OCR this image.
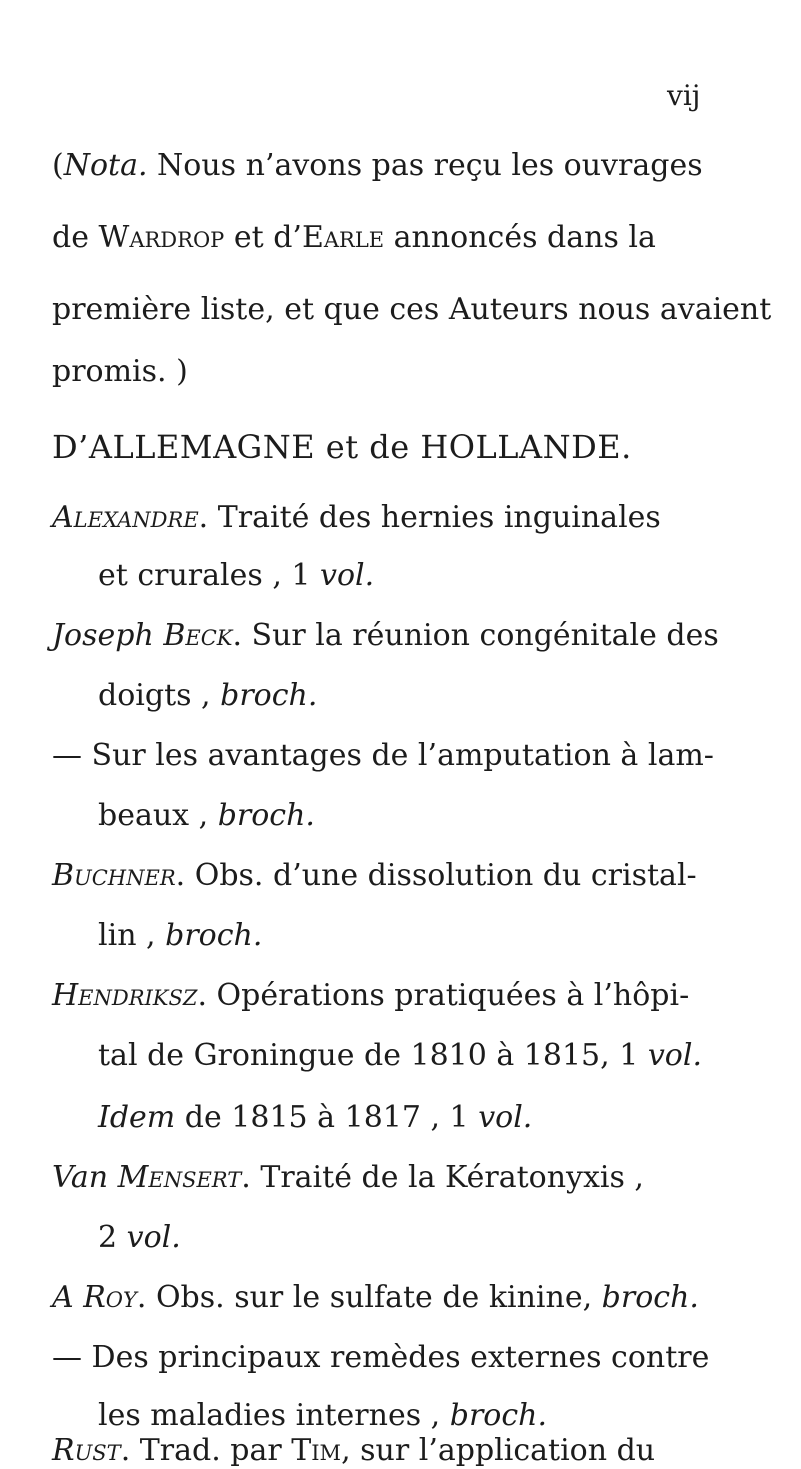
vij
(Nota. Nous n’avons pas reçu les ouvrages
de Wardrop et d’Earle annoncés dans la
première liste, et que ces Auteurs nous avaient
promis. )
D’ALLEMAGNE et de HOLLANDE.
Alexandre. Traité des hernies inguinales
et crurales , 1 vol.
Joseph Beck. Sur la réunion congénitale des
doigts , broch.
— Sur les avantages de l’amputation à lam-
beaux , broch.
Buchner. Obs. d’une dissolution du cristal-
lin , broch.
Hendriksz. Opérations pratiquées à l’hôpi-
tal de Groningue de 1810 à 1815, 1 vol.
Idem de 1815 à 1817 , 1 vol.
Van Mensert. Traité de la Kératonyxis ,
2 vol.
A Roy. Obs. sur le sulfate de kinine, broch.
— Des principaux remèdes externes contre
les maladies internes , broch.
Rust. Trad. par Tim, sur l’application du
